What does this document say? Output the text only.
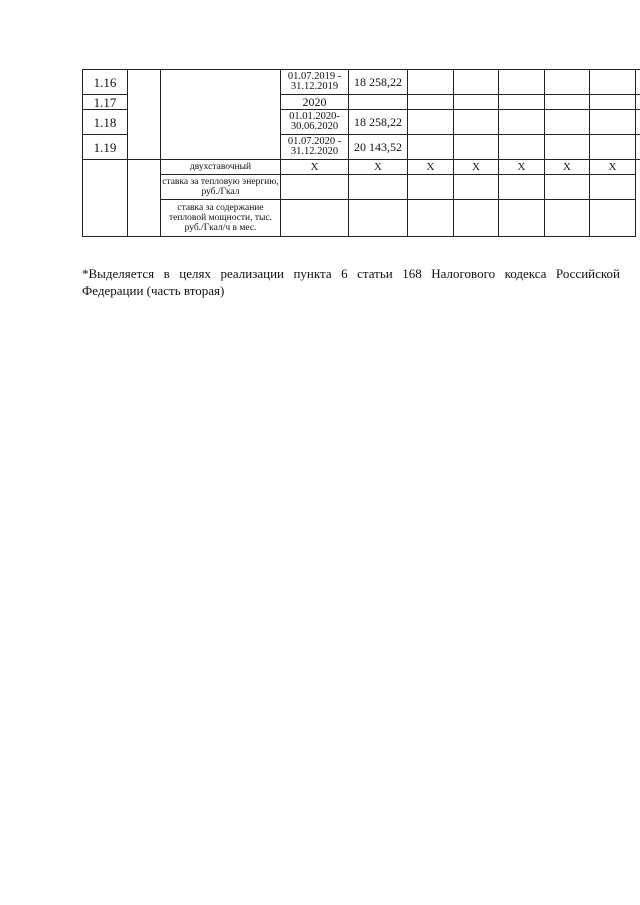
1.16			01.07.2019 - 31.12.2019	18 258,22						
1.17			2020							
1.18			01.01.2020- 30.06.2020	18 258,22						
1.19			01.07.2020 - 31.12.2020	20 143,52						
		двухставочный	X	X	X	X	X	X	X	
		ставка за тепловую энергию, руб./Гкал								
		ставка за содержание тепловой мощности, тыс. руб./Гкал/ч в мес.								

*Выделяется в целях реализации пункта 6 статьи 168 Налогового кодекса Российской Федерации (часть вторая)
